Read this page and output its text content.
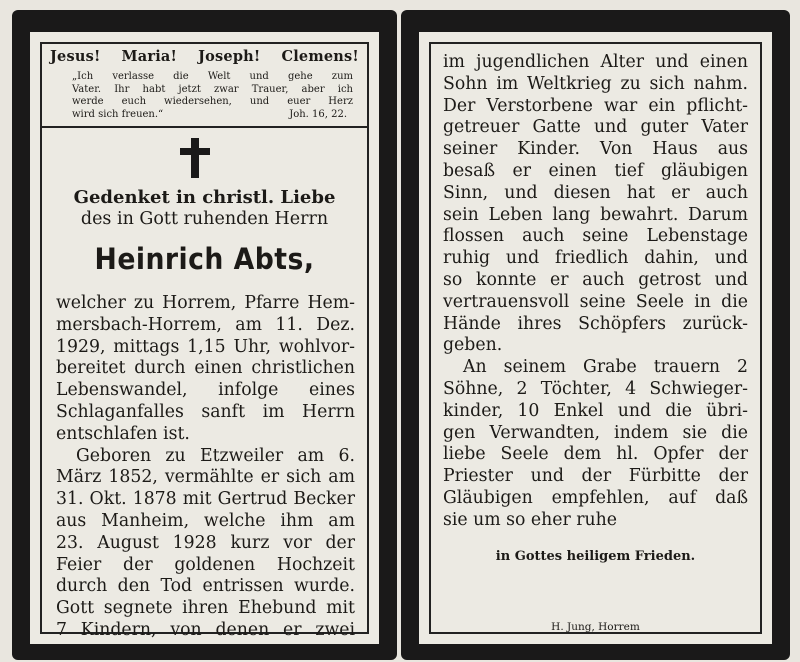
Jesus! Maria! Joseph! Clemens!
„Ich verlasse die Welt und gehe zum
Vater. Ihr habt jetzt zwar Trauer, aber ich
werde euch wiedersehen, und euer Herz
wird sich freuen.“	Joh. 16, 22.
Gedenket in christl. Liebe
des in Gott ruhenden Herrn
Heinrich Abts,
welcher zu Horrem, Pfarre Hem-
mersbach-Horrem, am 11. Dez.
1929, mittags 1,15 Uhr, wohlvor-
bereitet durch einen christlichen
Lebenswandel, infolge eines
Schlaganfalles sanft im Herrn
entschlafen ist.
Geboren zu Etzweiler am 6.
März 1852, vermählte er sich am
31. Okt. 1878 mit Gertrud Becker
aus Manheim, welche ihm am
23. August 1928 kurz vor der
Feier der goldenen Hochzeit
durch den Tod entrissen wurde.
Gott segnete ihren Ehebund mit
7 Kindern, von denen er zwei
im jugendlichen Alter und einen
Sohn im Weltkrieg zu sich nahm.
Der Verstorbene war ein pflicht-
getreuer Gatte und guter Vater
seiner Kinder. Von Haus aus
besaß er einen tief gläubigen
Sinn, und diesen hat er auch
sein Leben lang bewahrt. Darum
flossen auch seine Lebenstage
ruhig und friedlich dahin, und
so konnte er auch getrost und
vertrauensvoll seine Seele in die
Hände ihres Schöpfers zurück-
geben.
An seinem Grabe trauern 2
Söhne, 2 Töchter, 4 Schwieger-
kinder, 10 Enkel und die übri-
gen Verwandten, indem sie die
liebe Seele dem hl. Opfer der
Priester und der Fürbitte der
Gläubigen empfehlen, auf daß
sie um so eher ruhe
in Gottes heiligem Frieden.
H. Jung, Horrem
